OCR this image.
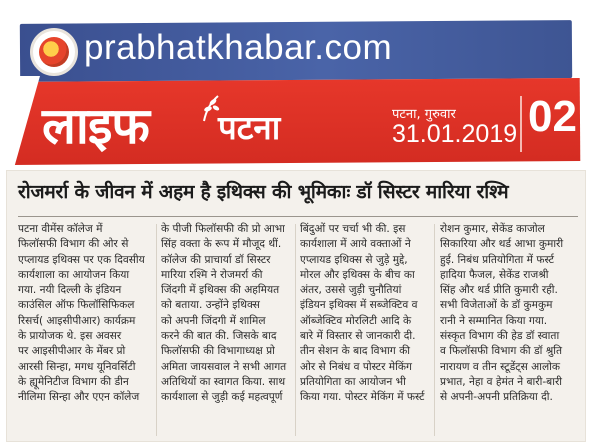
prabhatkhabar.com
लाइफ पटना	पटना, गुरुवार
31.01.2019 02
रोजमर्रा के जीवन में अहम है इथिक्स की भूमिकाः डॉ सिस्टर मारिया रश्मि
पटना वीमेंस कॉलेज में
फिलॉसफी विभाग की ओर से
एप्लायड इथिक्स पर एक दिवसीय
कार्यशाला का आयोजन किया
गया. नयी दिल्ली के इंडियन
काउंसिल ऑफ फिलॉसिफिकल
रिसर्च( आइसीपीआर) कार्यक्रम
के प्रायोजक थे. इस अवसर
पर आइसीपीआर के मेंबर प्रो
आरसी सिन्हा, मगध यूनिवर्सिटी
के ह्यूमेनिटीज विभाग की डीन
नीलिमा सिन्हा और एएन कॉलेज
के पीजी फिलॉसफी की प्रो आभा
सिंह वक्ता के रूप में मौजूद थीं.
कॉलेज की प्राचार्या डॉ सिस्टर
मारिया रश्मि ने रोजमर्रा की
जिंदगी में इथिक्स की अहमियत
को बताया. उन्होंने इथिक्स
को अपनी जिंदगी में शामिल
करने की बात की. जिसके बाद
फिलॉसफी की विभागाध्यक्ष प्रो
अमिता जायसवाल ने सभी आगत
अतिथियों का स्वागत किया. साथ
कार्यशाला से जुड़ी कई महत्वपूर्ण
बिंदुओं पर चर्चा भी की. इस
कार्यशाला में आये वक्ताओं ने
एप्लायड इथिक्स से जुड़े मुद्दे,
मोरल और इथिक्स के बीच का
अंतर, उससे जुड़ी चुनौतियां
इंडियन इथिक्स में सब्जेक्टिव व
ऑब्जेक्टिव मोरलिटी आदि के
बारे में विस्तार से जानकारी दी.
तीन सेशन के बाद विभाग की
ओर से निबंध व पोस्टर मेकिंग
प्रतियोगिता का आयोजन भी
किया गया. पोस्टर मेकिंग में फर्स्ट
रोशन कुमार, सेकेंड काजोल
सिकारिया और थर्ड आभा कुमारी
हुई. निबंध प्रतियोगिता में फर्स्ट
हादिया फैजल, सेकेंड राजश्री
सिंह और थर्ड प्रीति कुमारी रही.
सभी विजेताओं के डॉ कुमकुम
रानी ने सम्मानित किया गया.
संस्कृत विभाग की हेड डॉ स्वाता
व फिलॉसफी विभाग की डॉ श्रुति
नारायण व तीन स्टूडेंट्स आलोक
प्रभात, नेहा व हेमंत ने बारी-बारी
से अपनी-अपनी प्रतिक्रिया दी.
